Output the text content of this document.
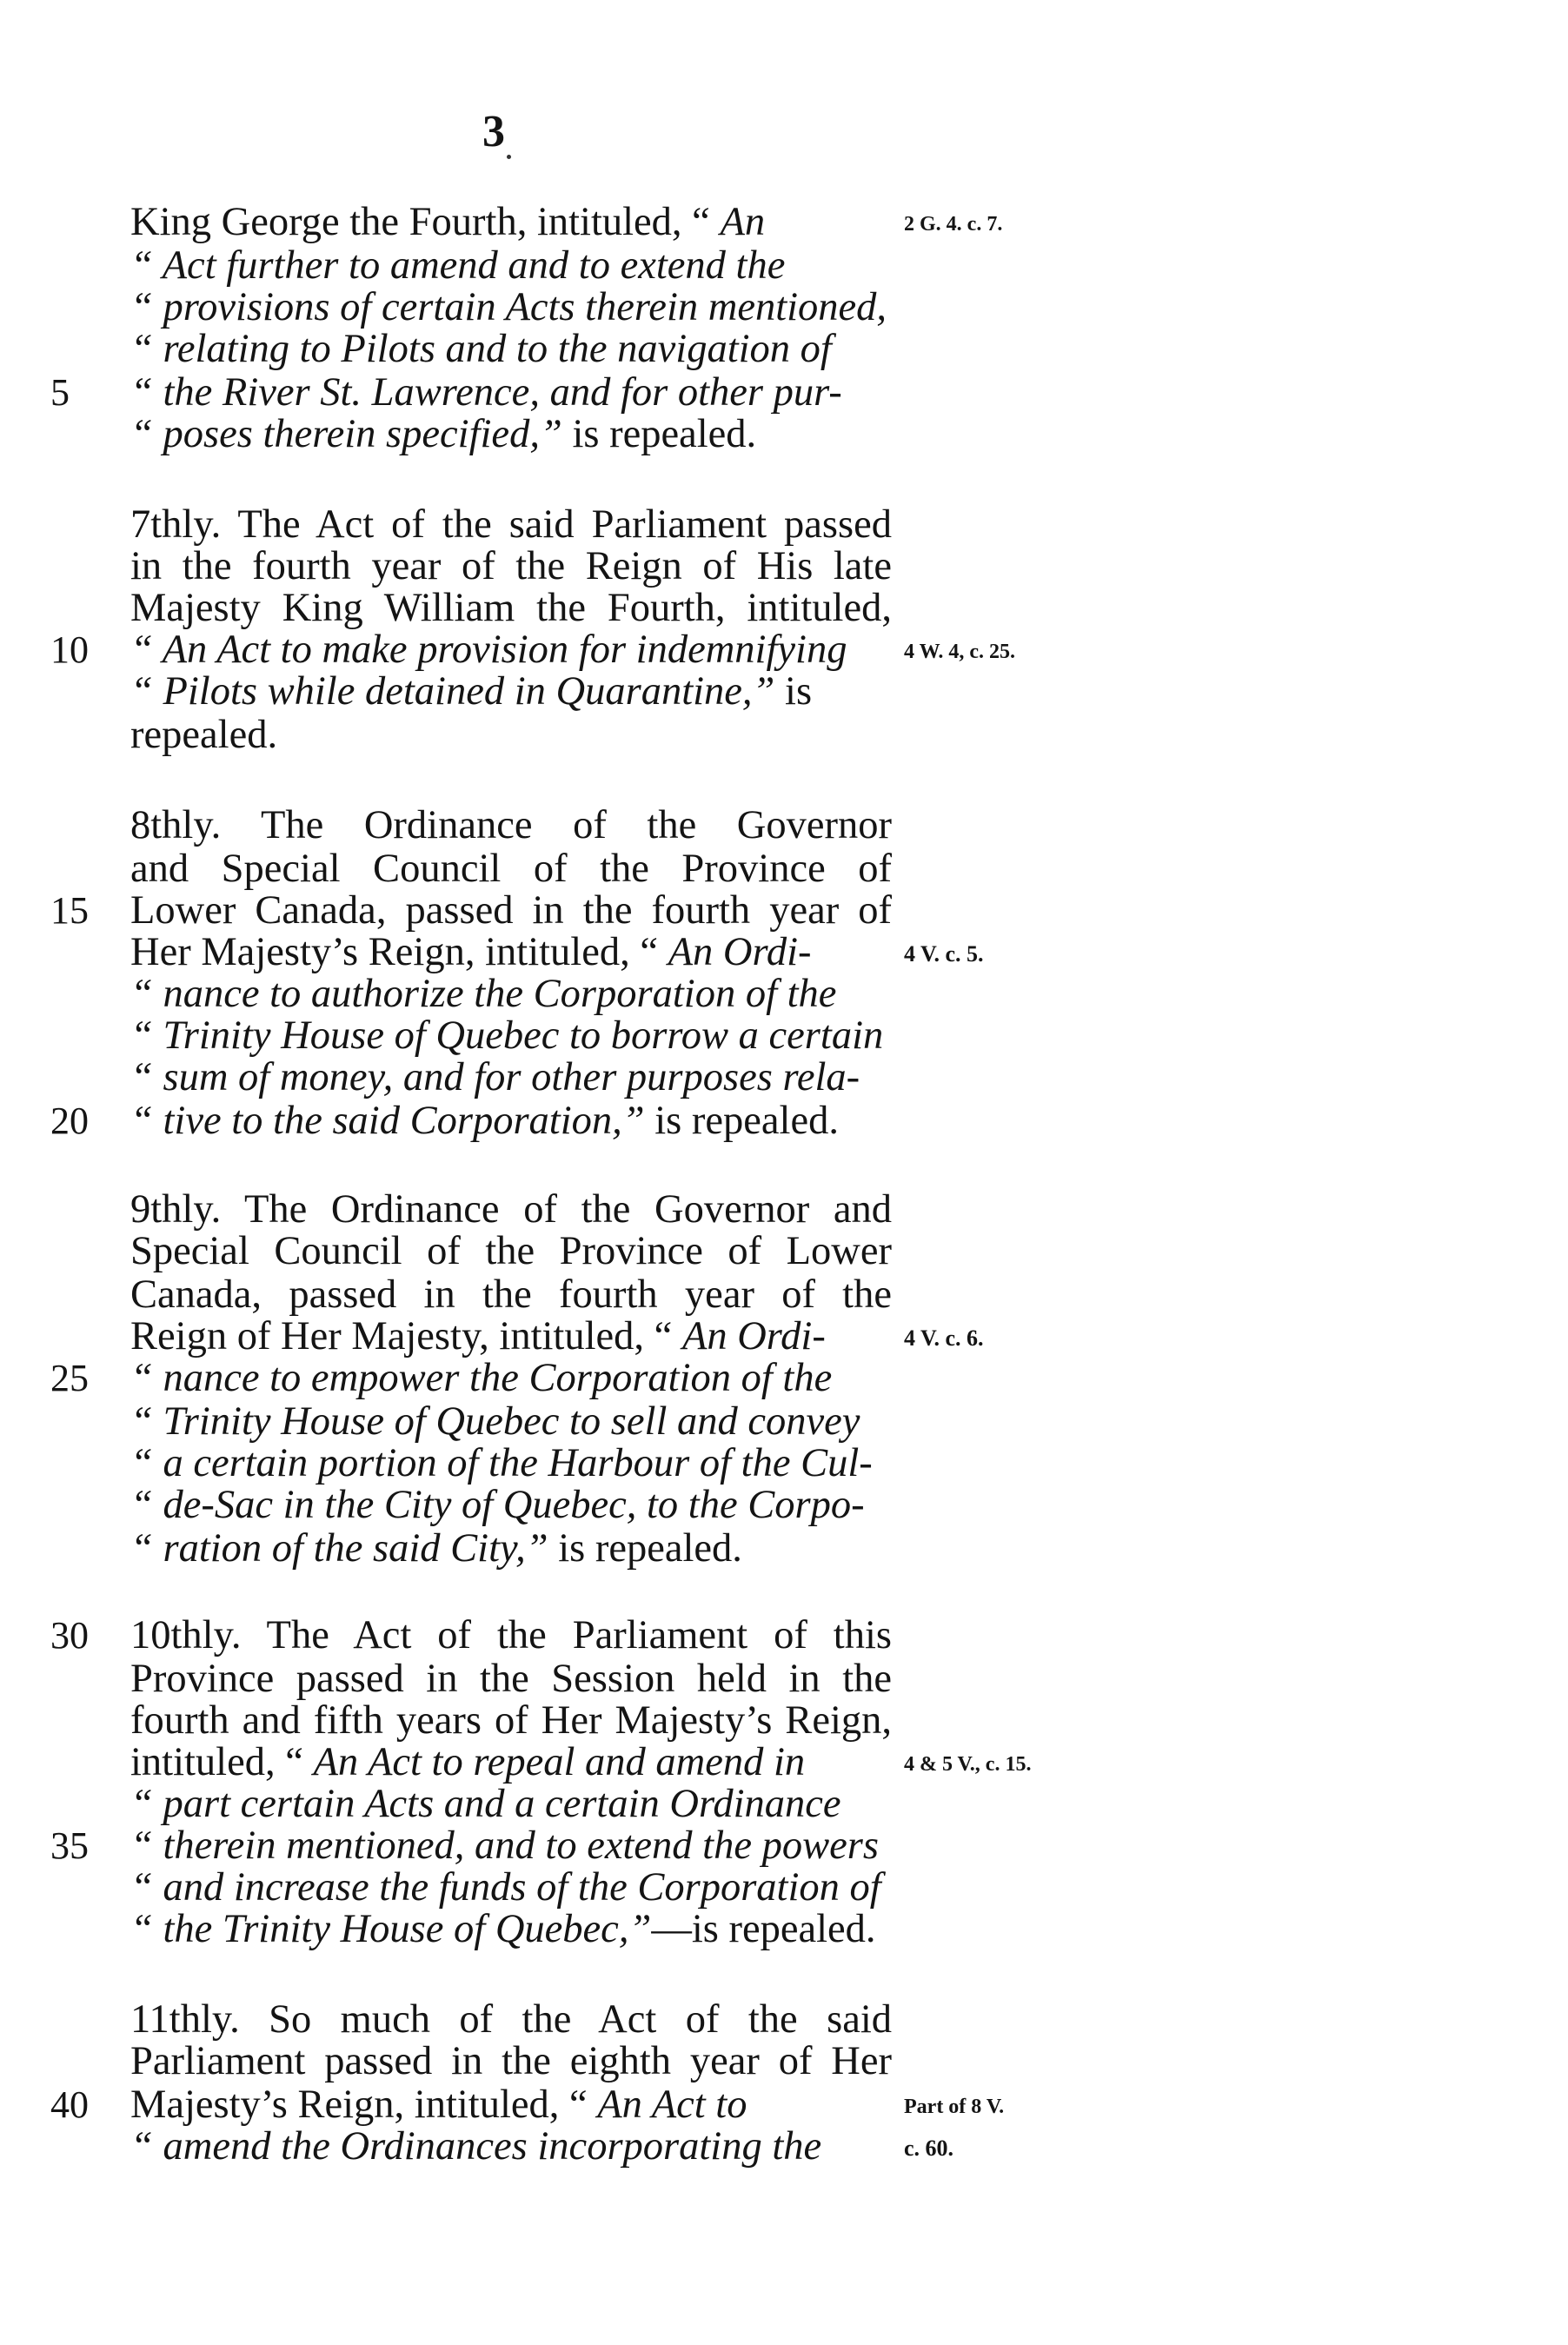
3
King George the Fourth, intituled, “ An	2 G. 4. c. 7.
“ Act further to amend and to extend the
“ provisions of certain Acts therein mentioned,
“ relating to Pilots and to the navigation of
“ the River St. Lawrence, and for other pur-
5
“ poses therein specified,” is repealed.
7thly. The Act of the said Parliament passed
in the fourth year of the Reign of His late
Majesty King William the Fourth, intituled,
“ An Act to make provision for indemnifying
10	4 W. 4, c. 25.
“ Pilots while detained in Quarantine,” is
repealed.
8thly. The Ordinance of the Governor
and Special Council of the Province of
Lower Canada, passed in the fourth year of
15
Her Majesty’s Reign, intituled, “ An Ordi-	4 V. c. 5.
“ nance to authorize the Corporation of the
“ Trinity House of Quebec to borrow a certain
“ sum of money, and for other purposes rela-
“ tive to the said Corporation,” is repealed.
20
9thly. The Ordinance of the Governor and
Special Council of the Province of Lower
Canada, passed in the fourth year of the
Reign of Her Majesty, intituled, “ An Ordi-	4 V. c. 6.
“ nance to empower the Corporation of the
25
“ Trinity House of Quebec to sell and convey
“ a certain portion of the Harbour of the Cul-
“ de-Sac in the City of Quebec, to the Corpo-
“ ration of the said City,” is repealed.
10thly. The Act of the Parliament of this
30
Province passed in the Session held in the
fourth and fifth years of Her Majesty’s Reign,
intituled, “ An Act to repeal and amend in	4 & 5 V., c. 15.
“ part certain Acts and a certain Ordinance
“ therein mentioned, and to extend the powers
35
“ and increase the funds of the Corporation of
“ the Trinity House of Quebec,”—is repealed.
11thly. So much of the Act of the said
Parliament passed in the eighth year of Her
Majesty’s Reign, intituled, “ An Act to
40	Part of 8 V.
“ amend the Ordinances incorporating the	c. 60.
